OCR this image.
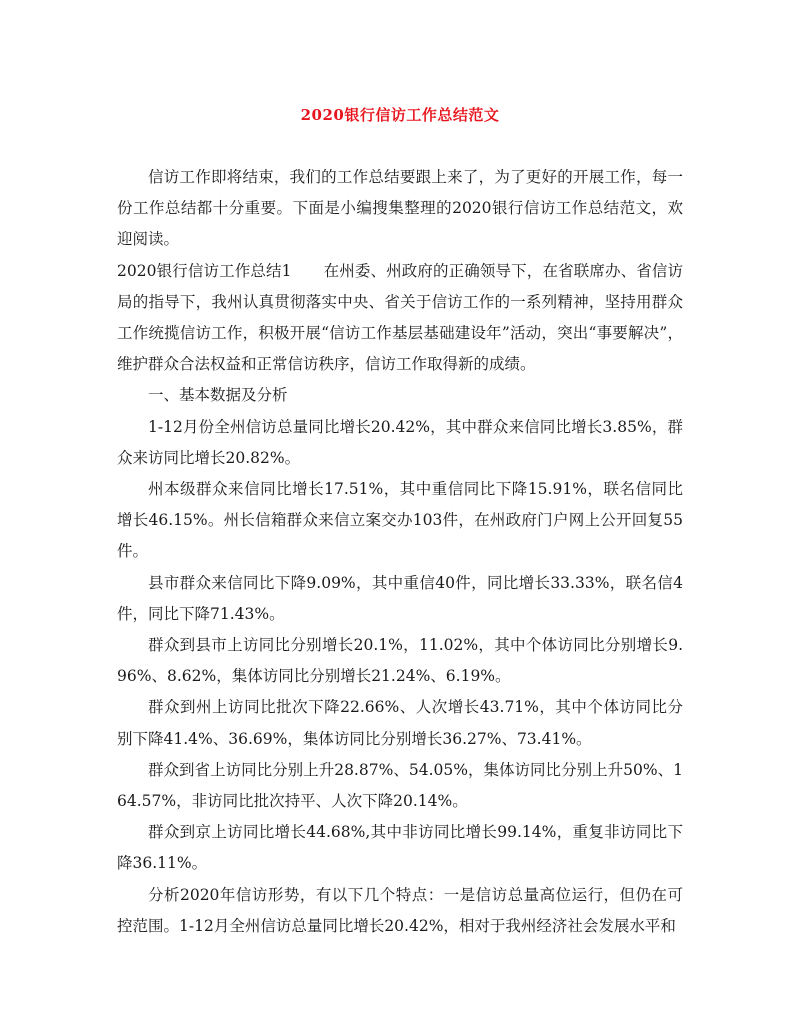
2020银行信访工作总结范文

信访工作即将结束，我们的工作总结要跟上来了，为了更好的开展工作，每一份工作总结都十分重要。下面是小编搜集整理的2020银行信访工作总结范文，欢迎阅读。

2020银行信访工作总结1 在州委、州政府的正确领导下，在省联席办、省信访局的指导下，我州认真贯彻落实中央、省关于信访工作的一系列精神，坚持用群众工作统揽信访工作，积极开展“信访工作基层基础建设年”活动，突出“事要解决”，维护群众合法权益和正常信访秩序，信访工作取得新的成绩。

一、基本数据及分析

1-12月份全州信访总量同比增长20.42%，其中群众来信同比增长3.85%，群众来访同比增长20.82%。

州本级群众来信同比增长17.51%，其中重信同比下降15.91%，联名信同比增长46.15%。州长信箱群众来信立案交办103件，在州政府门户网上公开回复55件。

县市群众来信同比下降9.09%，其中重信40件，同比增长33.33%，联名信4件，同比下降71.43%。

群众到县市上访同比分别增长20.1%，11.02%，其中个体访同比分别增长9.96%、8.62%，集体访同比分别增长21.24%、6.19%。

群众到州上访同比批次下降22.66%、人次增长43.71%，其中个体访同比分别下降41.4%、36.69%，集体访同比分别增长36.27%、73.41%。

群众到省上访同比分别上升28.87%、54.05%，集体访同比分别上升50%、164.57%，非访同比批次持平、人次下降20.14%。

群众到京上访同比增长44.68%,其中非访同比增长99.14%，重复非访同比下降36.11%。

分析2020年信访形势，有以下几个特点：一是信访总量高位运行，但仍在可控范围。1-12月全州信访总量同比增长20.42%，相对于我州经济社会发展水平和
